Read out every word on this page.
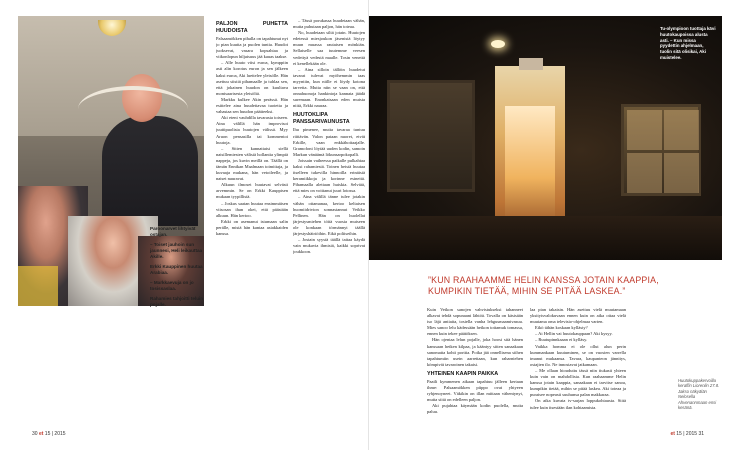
Paroonarvet lihtyivät ostajan.

– Toiset jauhoin sun jaunnesi, Heli leikauttaa Akille.

Erkki Kauppinen huutaa Arabiaa.

– Markkaevuja on jo tosissaslaa.

Rahamies tahjoitti teluin pojalle.

PALJON PUHETTA HUUDOISTA

Palsaamökken pihalla on tapahtunut nyt jo pian kuutta ja puolen tuntia. Huudot juoksevat, vasara kopsahtaa ja viikonlopun hiljaisuus jää kauas taakse.

– Alle huuto viisi euroa, kymppiin asti alin korotus euron ja sen jälkeen kaksi euroa, Aki luettelee yleisölle. Hän asettuu siistiä pihamaalle ja tuhlaa sen, että jokainen huudon on kuultava monisaarisesta yleisöltä.

Markku kulkee Akin perässä. Hän esittelee aina huudettavaa tuotetta ja vahastaa sen huudon päätteeksi.

Aki eteni vauhdilla tavarasta toiseen. Aina välillä hän improvisoi juuttipuolista huutojen välissä. Myy Aruon pensasilla tai kommentoi huutoja.

– Sitten kannattaisi siellä naisillemiesten välisiä hollantia ylimpiä nappeja, jos kuvin meillä on. Täällä on tämän Ennikan Maalmaan toimittaja, ja kuvaaja mukana, hän vetoileelle, ja naiset nauravat.

Alkuun ilmoset huutavat selvästi arvemmin. Se on Erkki Kauppisen mukaan tyypillistä.

– Joskus saatan huutaa ensimmäisen viisosan ihan okei, että päästään alkuun. Hän kertoo.

Erkki on asemanut istumaan salin perälle, mistä hän kantaa asiakkaiden kanssa.

– Tässä porukassa huudetaan vähän, mutta puhutaan paljon, hän toteaa.

No, huudetaan siltä jotain. Huutojen edetessä miesjoukon jäsenistä löytyy muun muassa rautaisen mönkiän. Sellaiselle saa tuutemme veesen vedettyä vedestä maalle. Tosin venettä ei kenellekään ole.

– Aina silloin tällöin huudetut tavarat tulevat myöhemmin taas myyntiin, kun niille ei löydy kotona tarvetta. Mutta niin se vaan on, että onnahuonoja hankintoja kannata jäädä suremaan. Enonkatsaan eden muista niitä, Erkki nauraa.

HUUTOKLIPA PANSSARIVAUNUSTA

Ihu pimenee, mutta tavaraa tuntuu riittävän. Valon pataan nuoret, etvät Erkille, vaan enkkähoitaajalle. Gramofoni löytää uuden kodin, samoin Markun vänäämä lökunsarpokopalli.

Joissain vaiheessa paikalle pulkahtaa kaksi rahamiestä. Toinen heistä huutaa itselleen tukevilla hinnoilla erinäisiä keramiikkoja ja korinne esineitä. Pihamaalla alettaan huiskia. Selviää, että mies on voittanut juuri lotossa.

– Aina välillä tänne tulee jotakin vähän ottamanaa, kertoo keltaisen huomiidrivion sonnastannut Veikko Pellinen. Hän on huolellat järjestysmiehen töitä vuosia muiseen ole konkaan törmännyt täällä järjestyshäiriöihin. Eikä poliiseihin.

– Jostain syystä täällä taitaa käydä vain mukavia ihmisiä, kaikki soprivat joukkoon.

30 et 15 | 2015
Tu-olympioon tuottaja kävi huutokaupoissa alusta asti. – Kun missa pyydettin ahjelmaan, tuolin sitä olisikai, Aki muistelee.
”KUN RAAHAAMME HELIN KANSSA JOTAIN KAAPPIA, KUMPIKIN TIETÄÄ, MIHIN SE PITÄÄ LASKEA.”

Kuin Veikon sanojen vahvistukseksi tahanneet alkavat tehdä sopunaani lähtöä. Tovalla on käsisään iso läjä antiaita, tosiella vanha lehgusmaamivasuu. Mies sanoo lelu kädessään heikon tottamuk tomassa, ennen kuin tekee päätöksen.

Hän ojentaa lelun pojalle, joka hoosi sitä hänen kanssaan hetken kilpaa, ja kääntyy sitten sanaakaan sanomatta kohti porttia. Poika jää onnellisena siihen tapahtumiin usein aarrettaan, kun raharniehen kömpivät tavaroinen takaisi.

YHTEINEN KAAPIN PAIKKA

Paaili kymmenen aikaan tapahtuu jälleen kertaan ihme: Palsaamökken piippo ovat yhtyeen ryhjenoyneet. Väkikin on illan mittaan vähentynyt, mutta siitä on edelleen paljon.

Aki pujahtaa käymään kodin puolella, mutta paluu.

laa pian takaisin. Hän asettuu vielä muutamaan yksityisvalokuvaan ennen kuin on aika ottaa vielä muutama oma televisio-ohjelmaa varten.

Eikö tähän koskaan kyllästy?

– Ai Hellin vai huutokauppaan? Aki kysyy.

– Ruutupinnkaaan ei kylläsy.

Vaikka homma ei ole ollut alun perin kummankaan kuutuminen, se on vuosien varrella imanut mukaansa. Tavara, kaupanteon jännitys, ostajien ilo. Ne innostavat jatkamaan.

– Me ollaan hiouduttu tässä niin tiukasti yhteen kuin vain on mahdollista. Kun raahaamme Helin kanssa jotain kaappia, sanaakaan ei tarvitse sanoa, kumpikin tietää, mihin se pitää laskea. Aki toteaa ja puraisee nopeasti suuhunsa palan makkaraa.

On aika kuvata tv-sarjan loppukohtausta. Siitä tulee kuin itsestään ilan kohtaamista.

Huutokuppakervoilla keraffin Liorenlin 27.8. Jakso näkyälän Nelosella Ahvenannmaan ensi kesänä.
et 15 | 2015 31
